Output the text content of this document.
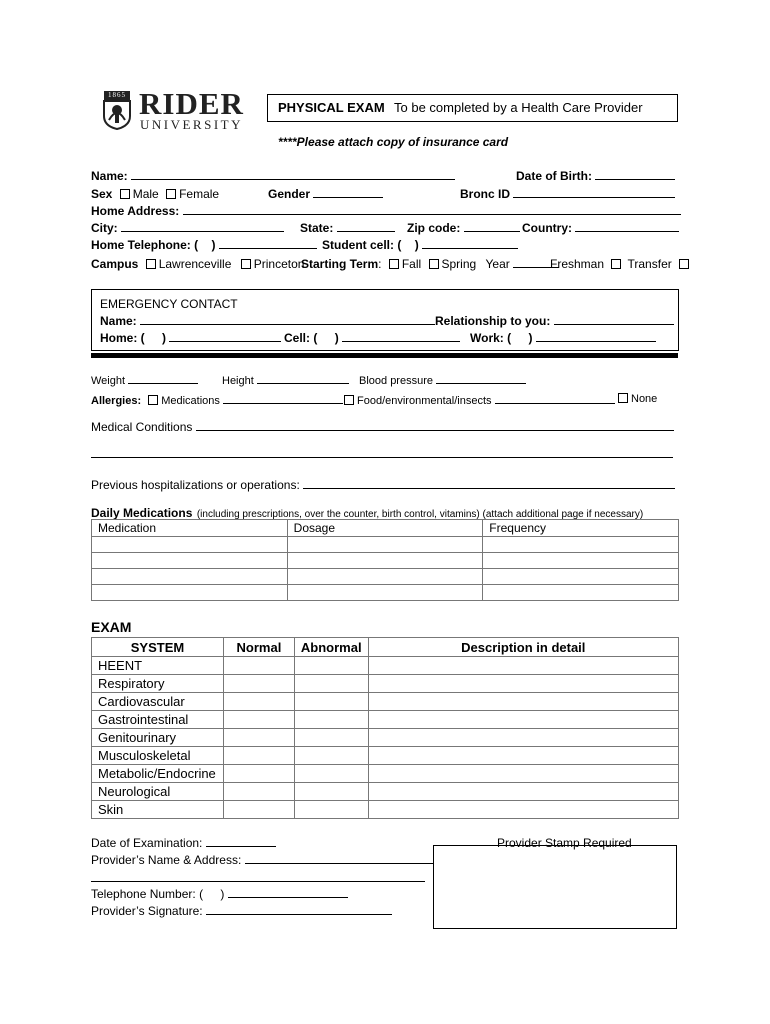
1865 RIDER
UNIVERSITY
PHYSICAL EXAM To be completed by a Health Care Provider
****Please attach copy of insurance card
Name:	Date of Birth:
Sex Male Female	Gender	Bronc ID
Home Address:
City:	State:	Zip code:	Country:
Home Telephone: ( )	Student cell: ( )
Campus Lawrenceville Princeton
Starting Term: Fall Spring Year	Freshman Transfer
EMERGENCY CONTACT
Name:	Relationship to you:
Home: ( )	Cell: ( )	Work: ( )
Weight	Height	Blood pressure
Allergies: Medications	Food/environmental/insects	None
Medical Conditions
Previous hospitalizations or operations:
Daily Medications (including prescriptions, over the counter, birth control, vitamins) (attach additional page if necessary)
Medication	Dosage	Frequency

EXAM
SYSTEM	Normal	Abnormal	Description in detail
HEENT			
Respiratory			
Cardiovascular			
Gastrointestinal			
Genitourinary			
Musculoskeletal			
Metabolic/Endocrine			
Neurological			
Skin			
Date of Examination:
Provider’s Name & Address:
Telephone Number: ( )
Provider’s Signature:
Provider Stamp Required
